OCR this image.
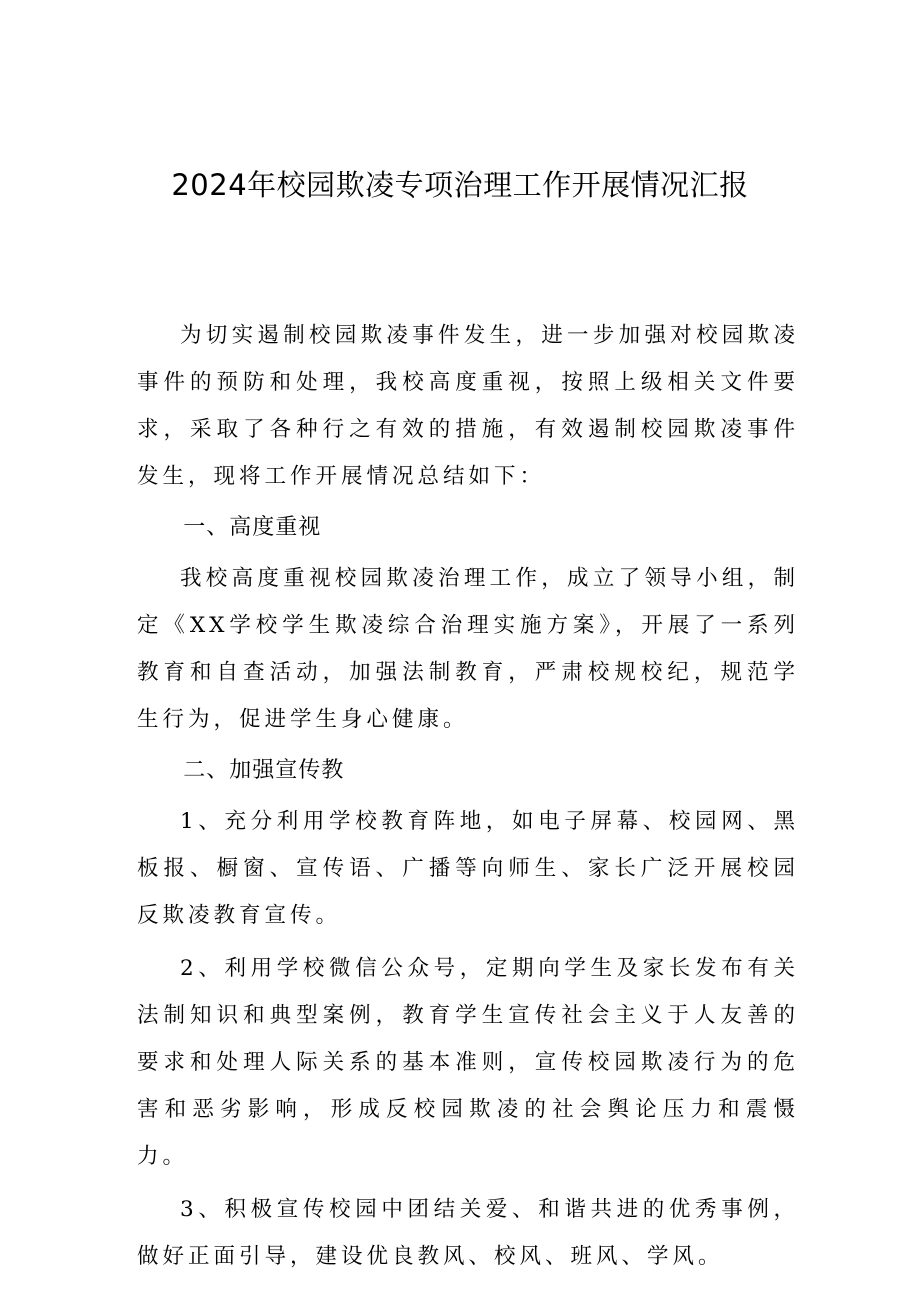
2024年校园欺凌专项治理工作开展情况汇报

为切实遏制校园欺凌事件发生，进一步加强对校园欺凌事件的预防和处理，我校高度重视，按照上级相关文件要求，采取了各种行之有效的措施，有效遏制校园欺凌事件发生，现将工作开展情况总结如下：

一、高度重视

我校高度重视校园欺凌治理工作，成立了领导小组，制定《XX学校学生欺凌综合治理实施方案》，开展了一系列教育和自查活动，加强法制教育，严肃校规校纪，规范学生行为，促进学生身心健康。

二、加强宣传教

1、充分利用学校教育阵地，如电子屏幕、校园网、黑板报、橱窗、宣传语、广播等向师生、家长广泛开展校园反欺凌教育宣传。

2、利用学校微信公众号，定期向学生及家长发布有关法制知识和典型案例，教育学生宣传社会主义于人友善的要求和处理人际关系的基本准则，宣传校园欺凌行为的危害和恶劣影响，形成反校园欺凌的社会舆论压力和震慑力。

3、积极宣传校园中团结关爱、和谐共进的优秀事例，做好正面引导，建设优良教风、校风、班风、学风。
